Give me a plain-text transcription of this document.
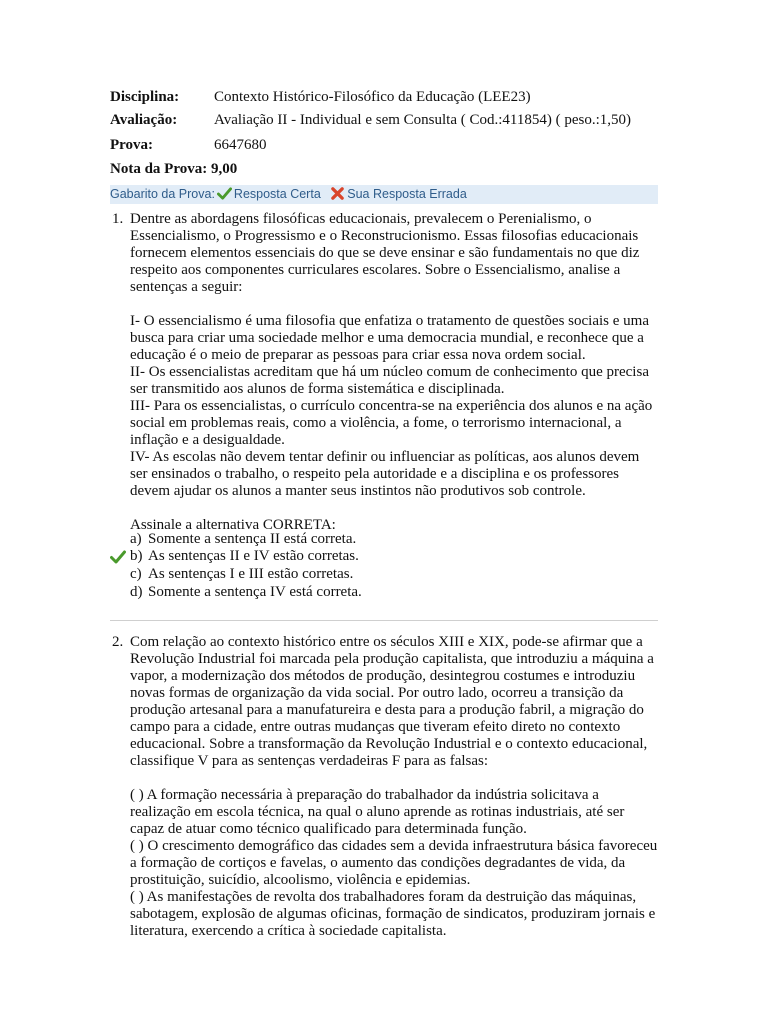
Disciplina: Contexto Histórico-Filosófico da Educação (LEE23)
Avaliação: Avaliação II - Individual e sem Consulta ( Cod.:411854) ( peso.:1,50)
Prova:	6647680
Nota da Prova: 9,00
Gabarito da Prova: Resposta Certa Sua Resposta Errada
1. Dentre as abordagens filosóficas educacionais, prevalecem o Perenialismo, o Essencialismo, o Progressismo e o Reconstrucionismo. Essas filosofias educacionais fornecem elementos essenciais do que se deve ensinar e são fundamentais no que diz respeito aos componentes curriculares escolares. Sobre o Essencialismo, analise a sentenças a seguir:

I- O essencialismo é uma filosofia que enfatiza o tratamento de questões sociais e uma busca para criar uma sociedade melhor e uma democracia mundial, e reconhece que a educação é o meio de preparar as pessoas para criar essa nova ordem social.

II- Os essencialistas acreditam que há um núcleo comum de conhecimento que precisa ser transmitido aos alunos de forma sistemática e disciplinada.

III- Para os essencialistas, o currículo concentra-se na experiência dos alunos e na ação social em problemas reais, como a violência, a fome, o terrorismo internacional, a inflação e a desigualdade.

IV- As escolas não devem tentar definir ou influenciar as políticas, aos alunos devem ser ensinados o trabalho, o respeito pela autoridade e a disciplina e os professores devem ajudar os alunos a manter seus instintos não produtivos sob controle.

Assinale a alternativa CORRETA:

a) Somente a sentença II está correta.
b) As sentenças II e IV estão corretas.
c) As sentenças I e III estão corretas.
d) Somente a sentença IV está correta.
2. Com relação ao contexto histórico entre os séculos XIII e XIX, pode-se afirmar que a Revolução Industrial foi marcada pela produção capitalista, que introduziu a máquina a vapor, a modernização dos métodos de produção, desintegrou costumes e introduziu novas formas de organização da vida social. Por outro lado, ocorreu a transição da produção artesanal para a manufatureira e desta para a produção fabril, a migração do campo para a cidade, entre outras mudanças que tiveram efeito direto no contexto educacional. Sobre a transformação da Revolução Industrial e o contexto educacional, classifique V para as sentenças verdadeiras F para as falsas:

( ) A formação necessária à preparação do trabalhador da indústria solicitava a realização em escola técnica, na qual o aluno aprende as rotinas industriais, até ser capaz de atuar como técnico qualificado para determinada função.

( ) O crescimento demográfico das cidades sem a devida infraestrutura básica favoreceu a formação de cortiços e favelas, o aumento das condições degradantes de vida, da prostituição, suicídio, alcoolismo, violência e epidemias.

( ) As manifestações de revolta dos trabalhadores foram da destruição das máquinas, sabotagem, explosão de algumas oficinas, formação de sindicatos, produziram jornais e literatura, exercendo a crítica à sociedade capitalista.
